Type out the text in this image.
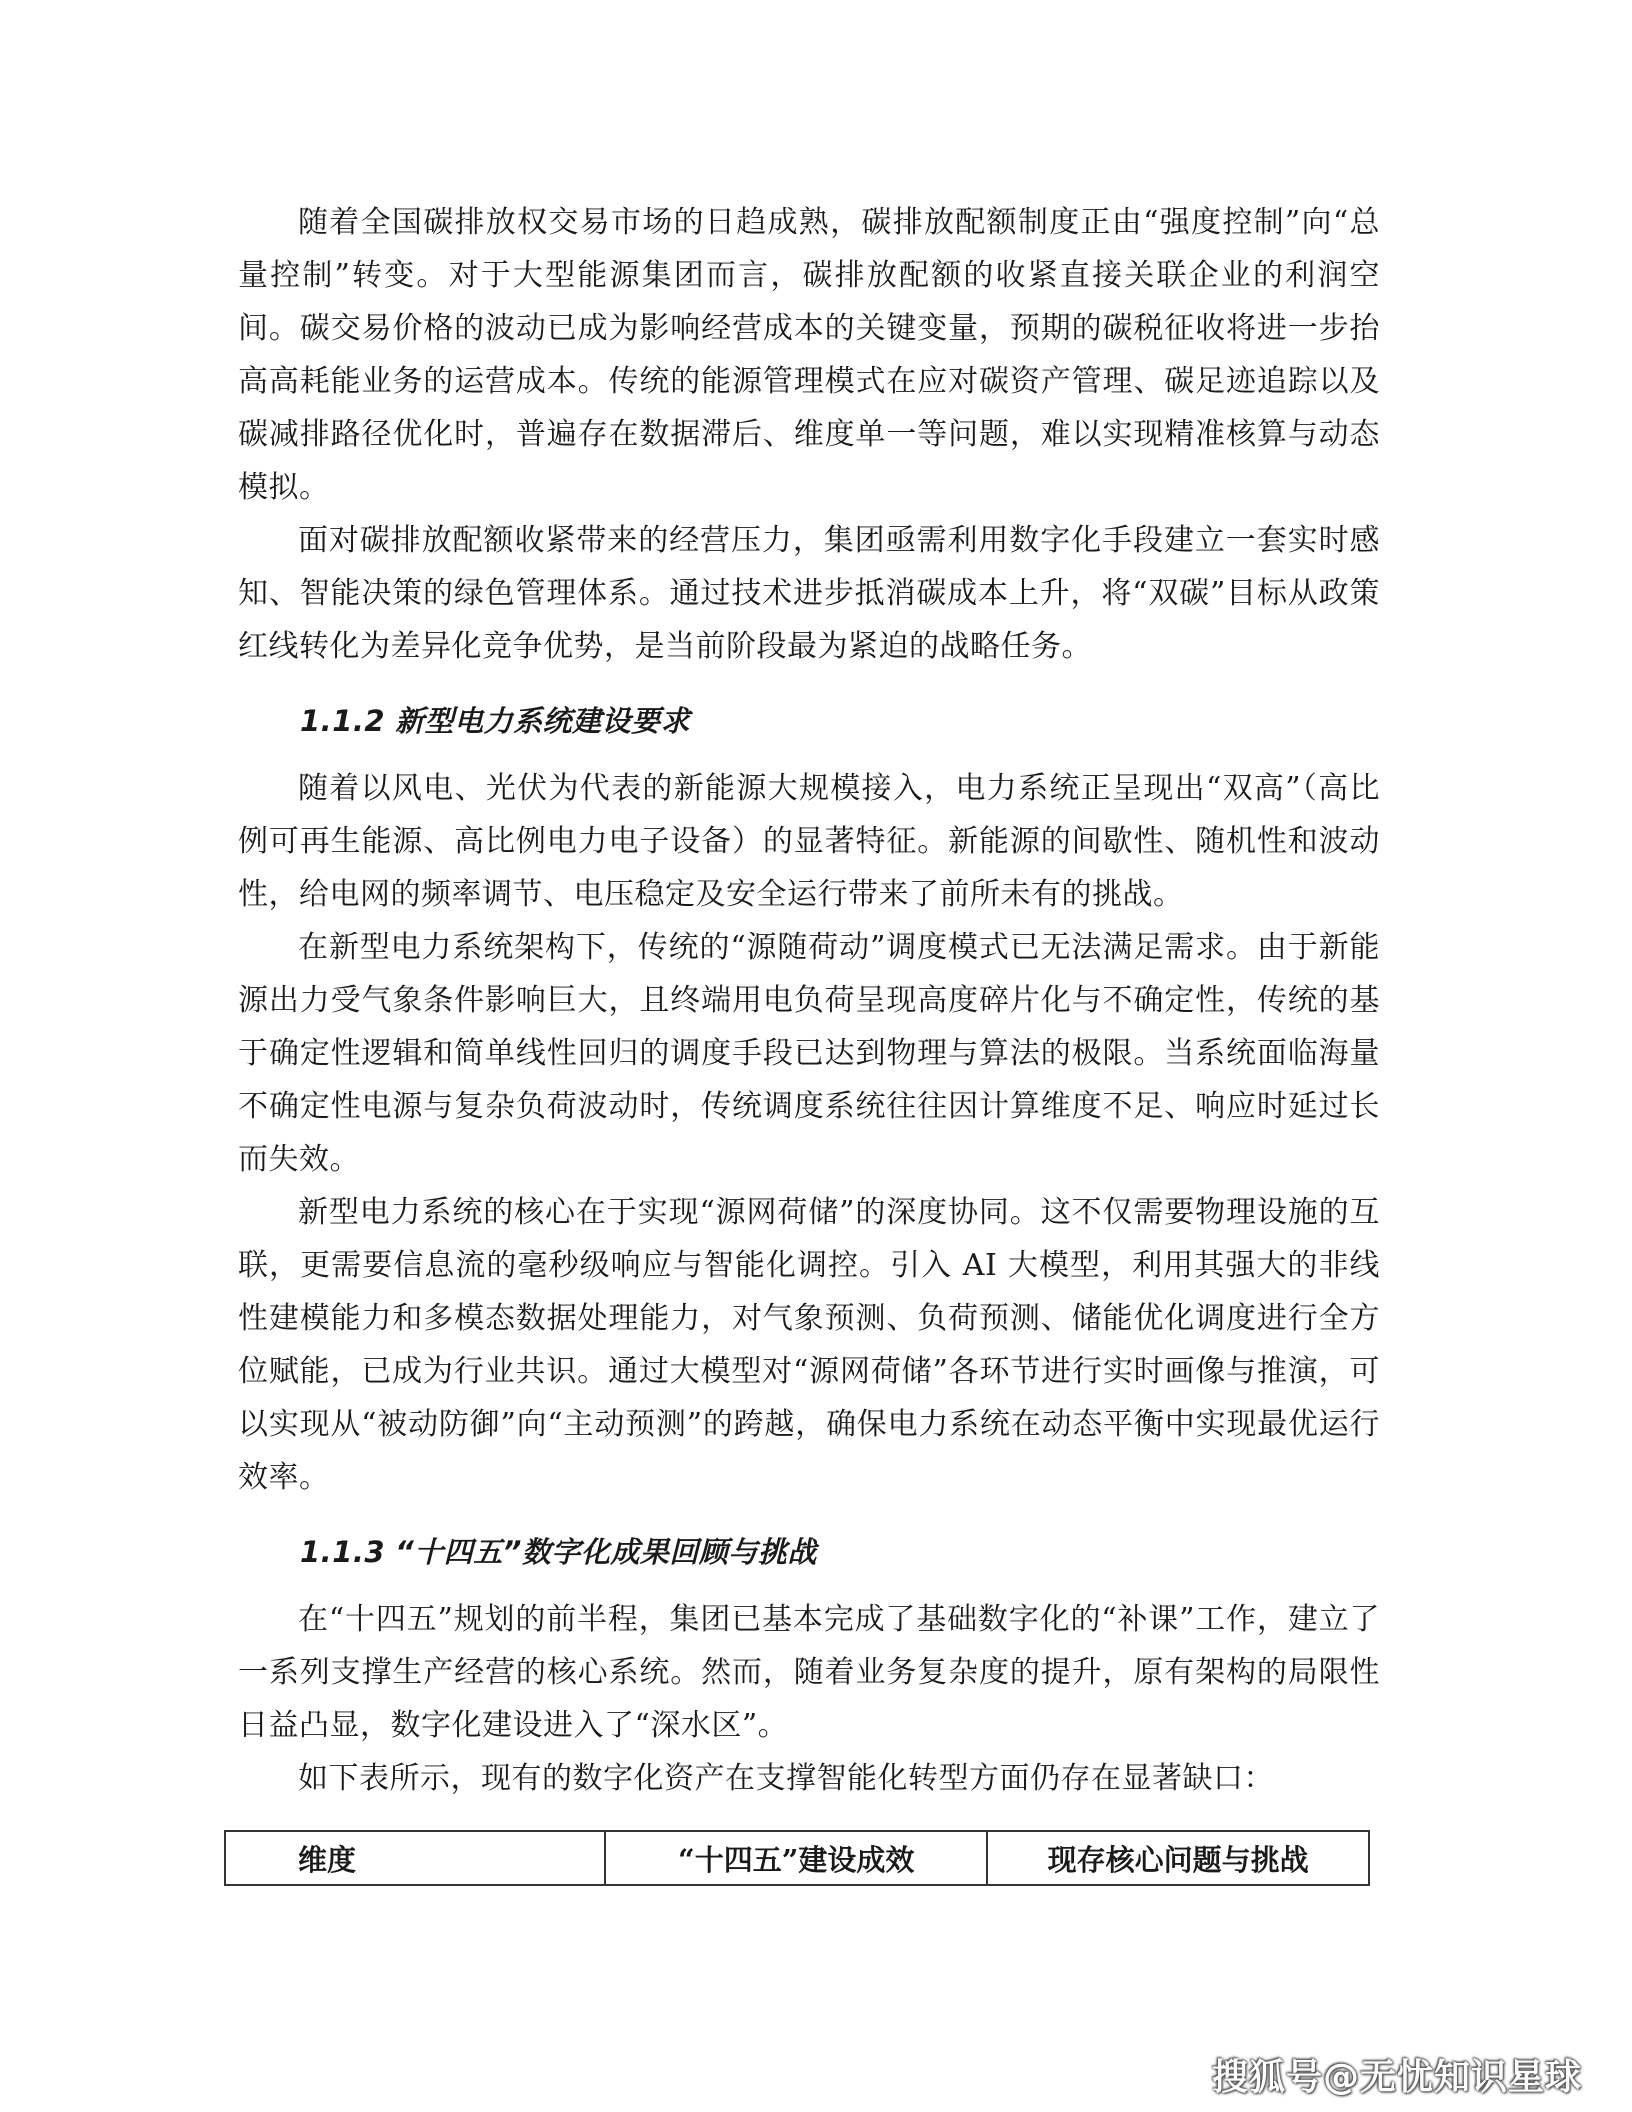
随着全国碳排放权交易市场的日趋成熟，碳排放配额制度正由“强度控制”向“总量控制”转变。对于大型能源集团而言，碳排放配额的收紧直接关联企业的利润空间。碳交易价格的波动已成为影响经营成本的关键变量，预期的碳税征收将进一步抬高高耗能业务的运营成本。传统的能源管理模式在应对碳资产管理、碳足迹追踪以及碳减排路径优化时，普遍存在数据滞后、维度单一等问题，难以实现精准核算与动态模拟。

面对碳排放配额收紧带来的经营压力，集团亟需利用数字化手段建立一套实时感知、智能决策的绿色管理体系。通过技术进步抵消碳成本上升，将“双碳”目标从政策红线转化为差异化竞争优势，是当前阶段最为紧迫的战略任务。

1.1.2 新型电力系统建设要求

随着以风电、光伏为代表的新能源大规模接入，电力系统正呈现出“双高”（高比例可再生能源、高比例电力电子设备）的显著特征。新能源的间歇性、随机性和波动性，给电网的频率调节、电压稳定及安全运行带来了前所未有的挑战。

在新型电力系统架构下，传统的“源随荷动”调度模式已无法满足需求。由于新能源出力受气象条件影响巨大，且终端用电负荷呈现高度碎片化与不确定性，传统的基于确定性逻辑和简单线性回归的调度手段已达到物理与算法的极限。当系统面临海量不确定性电源与复杂负荷波动时，传统调度系统往往因计算维度不足、响应时延过长而失效。

新型电力系统的核心在于实现“源网荷储”的深度协同。这不仅需要物理设施的互联，更需要信息流的毫秒级响应与智能化调控。引入 AI 大模型，利用其强大的非线性建模能力和多模态数据处理能力，对气象预测、负荷预测、储能优化调度进行全方位赋能，已成为行业共识。通过大模型对“源网荷储”各环节进行实时画像与推演，可以实现从“被动防御”向“主动预测”的跨越，确保电力系统在动态平衡中实现最优运行效率。

1.1.3 “十四五”数字化成果回顾与挑战

在“十四五”规划的前半程，集团已基本完成了基础数字化的“补课”工作，建立了一系列支撑生产经营的核心系统。然而，随着业务复杂度的提升，原有架构的局限性日益凸显，数字化建设进入了“深水区”。

如下表所示，现有的数字化资产在支撑智能化转型方面仍存在显著缺口：

维度	“十四五”建设成效	现存核心问题与挑战
搜狐号@无忧知识星球
